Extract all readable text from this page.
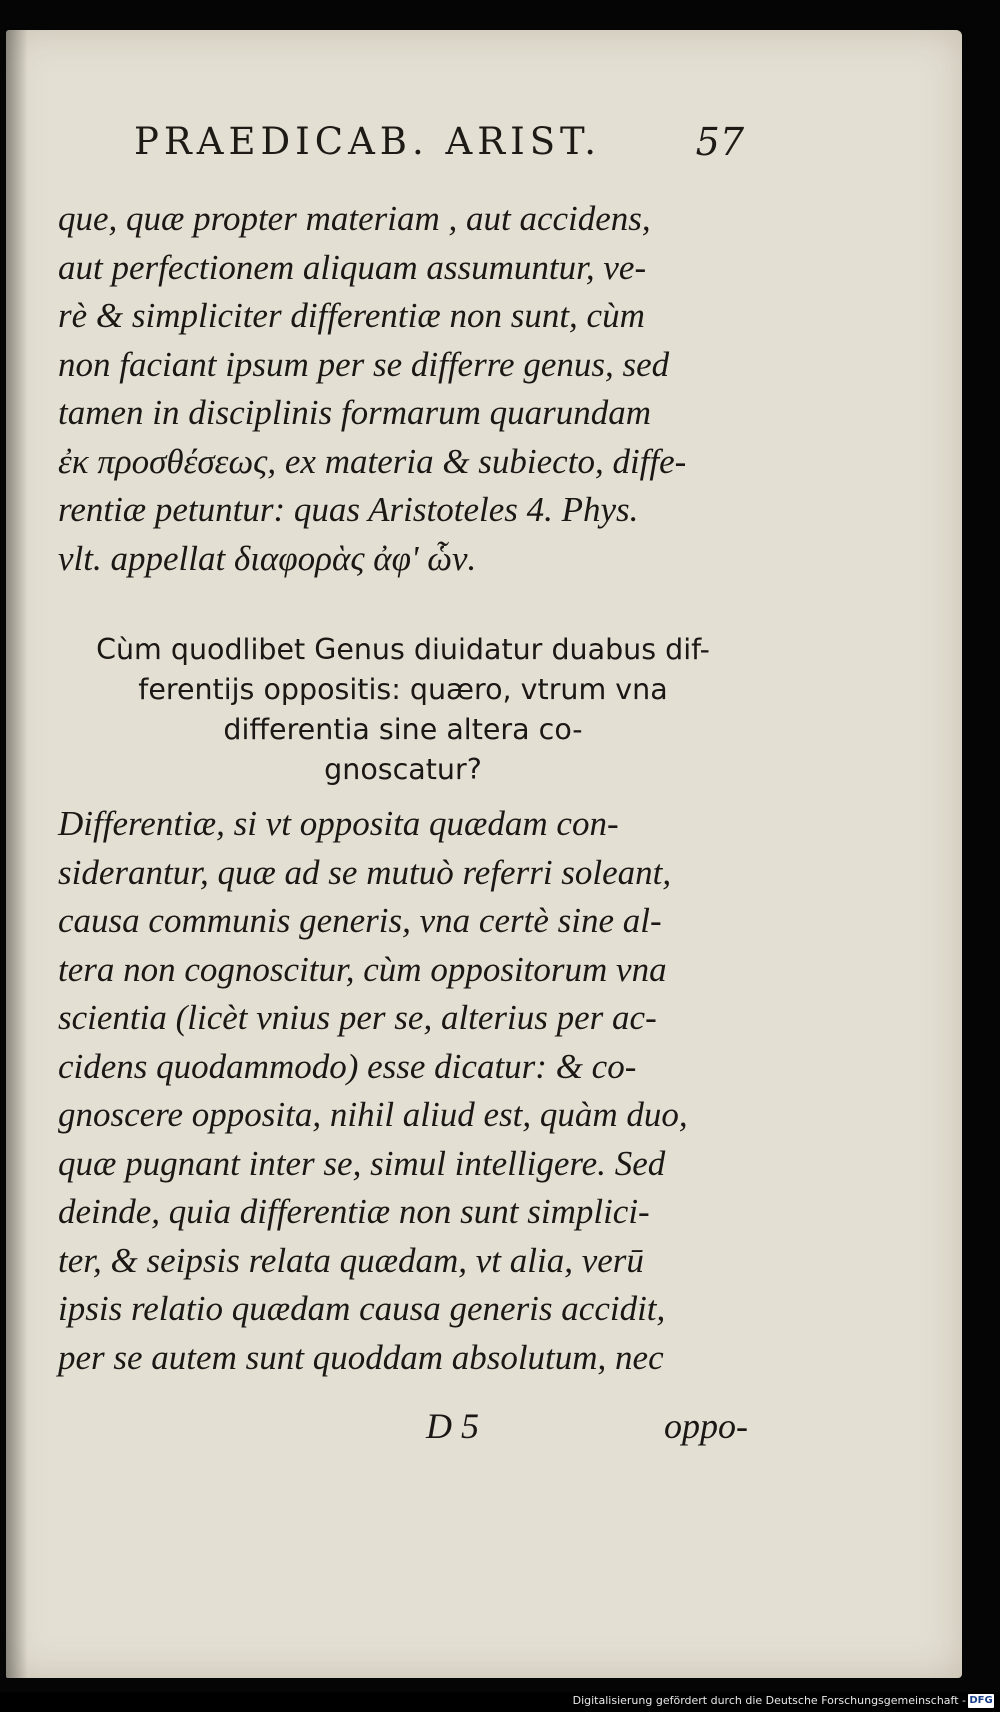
PRAEDICAB. ARIST. 57
que, quæ propter materiam , aut accidens,
aut perfectionem aliquam assumuntur, ve-
rè & simpliciter differentiæ non sunt, cùm
non faciant ipsum per se differre genus, sed
tamen in disciplinis formarum quarundam
ἐκ προσθέσεως, ex materia & subiecto, diffe-
rentiæ petuntur: quas Aristoteles 4. Phys.
vlt. appellat διαφορὰς ἀφ' ὧν.
Cùm quodlibet Genus diuidatur duabus dif-
ferentijs oppositis: quæro, vtrum vna
differentia sine altera co-
gnoscatur?
Differentiæ, si vt opposita quædam con-
siderantur, quæ ad se mutuò referri soleant,
causa communis generis, vna certè sine al-
tera non cognoscitur, cùm oppositorum vna
scientia (licèt vnius per se, alterius per ac-
cidens quodammodo) esse dicatur: & co-
gnoscere opposita, nihil aliud est, quàm duo,
quæ pugnant inter se, simul intelligere. Sed
deinde, quia differentiæ non sunt simplici-
ter, & seipsis relata quædam, vt alia, verū
ipsis relatio quædam causa generis accidit,
per se autem sunt quoddam absolutum, nec
D 5	oppo-
Digitalisierung gefördert durch die Deutsche Forschungsgemeinschaft - DFG
